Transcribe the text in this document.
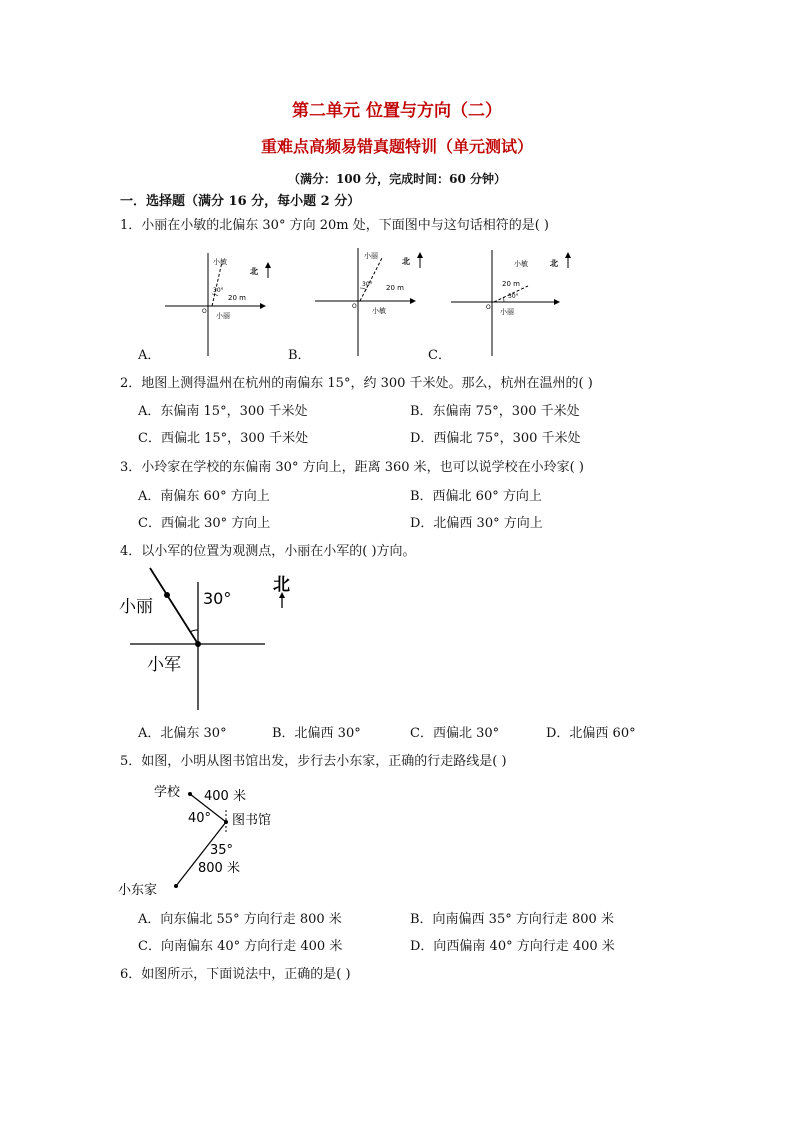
第二单元 位置与方向（二）
重难点高频易错真题特训（单元测试）
（满分：100 分，完成时间：60 分钟）
一．选择题（满分 16 分，每小题 2 分）
1．小丽在小敏的北偏东 30° 方向 20m 处，下面图中与这句话相符的是( )
小敏
北
30°
20 m
O
小丽
小丽
北
30° 20 m
O
小敏
小敏	北
20 m
30°
O
小丽
A．	B．	C．
2．地图上测得温州在杭州的南偏东 15°，约 300 千米处。那么，杭州在温州的( )
A．东偏南 15°，300 千米处	B．东偏南 75°，300 千米处
C．西偏北 15°，300 千米处	D．西偏北 75°，300 千米处
3．小玲家在学校的东偏南 30° 方向上，距离 360 米，也可以说学校在小玲家( )
A．南偏东 60° 方向上	B．西偏北 60° 方向上
C．西偏北 30° 方向上	D．北偏西 30° 方向上
4．以小军的位置为观测点，小丽在小军的( )方向。
小丽	30°
北
小军
A．北偏东 30°	B．北偏西 30°	C．西偏北 30°	D．北偏西 60°
5．如图，小明从图书馆出发，步行去小东家，正确的行走路线是( )
学校 400 米
40° 图书馆
35°
800 米
小东家
A．向东偏北 55° 方向行走 800 米	B．向南偏西 35° 方向行走 800 米
C．向南偏东 40° 方向行走 400 米	D．向西偏南 40° 方向行走 400 米
6．如图所示，下面说法中，正确的是( )
